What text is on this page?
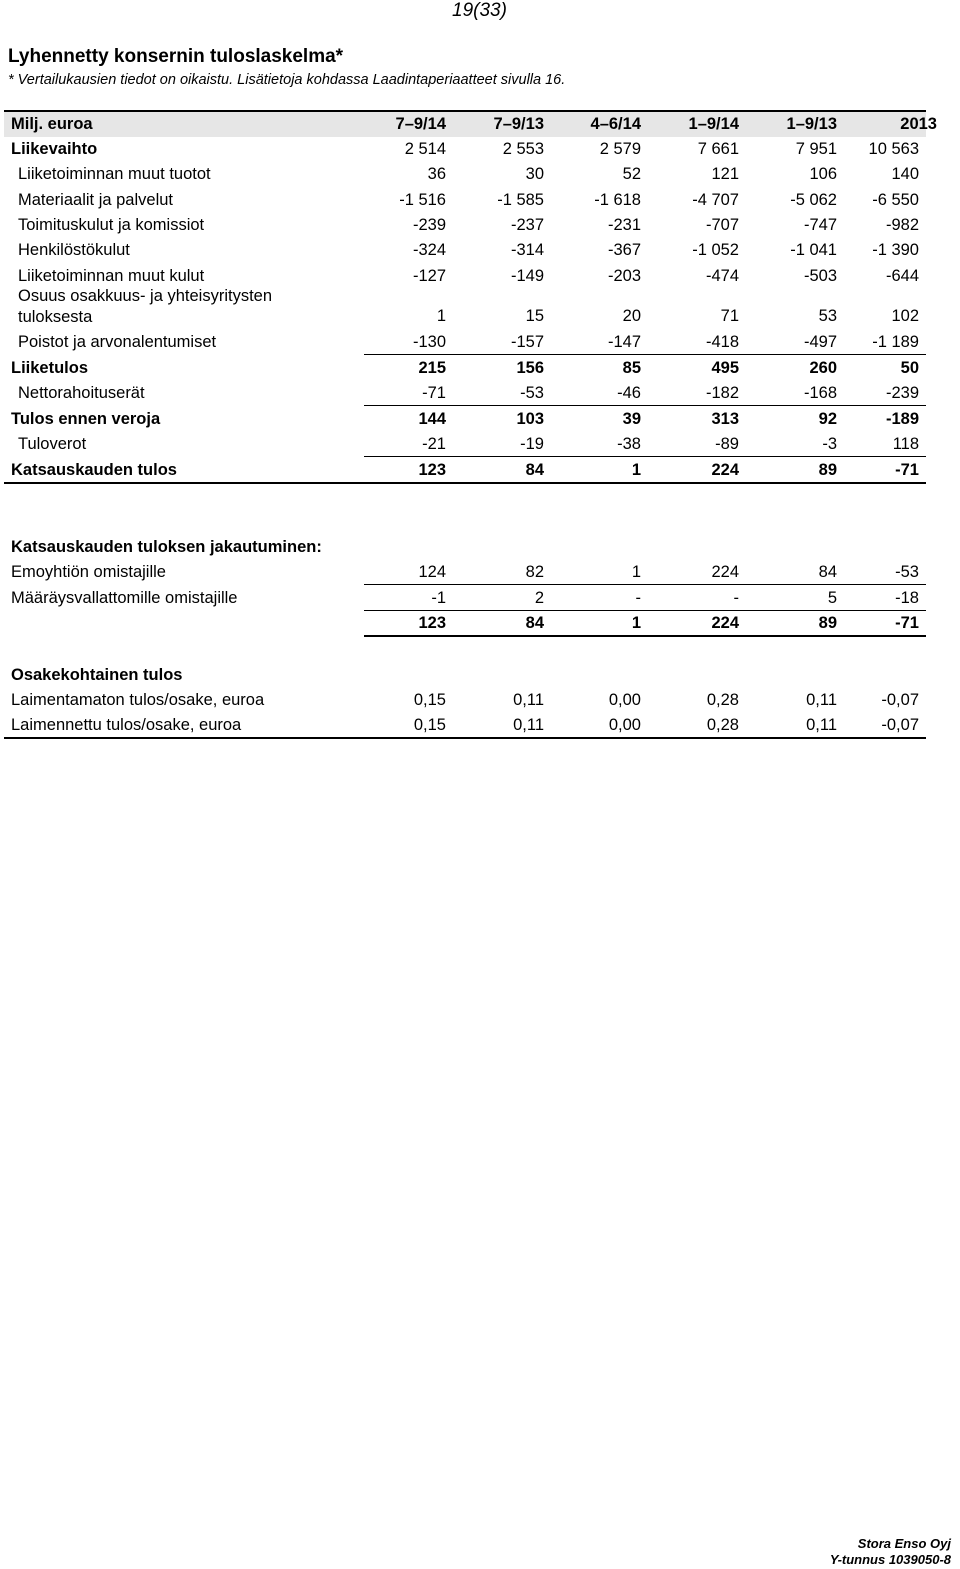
19(33)
Lyhennetty konsernin tuloslaskelma*
* Vertailukausien tiedot on oikaistu. Lisätietoja kohdassa Laadintaperiaatteet sivulla 16.
Milj. euroa	7–9/14	7–9/13	4–6/14	1–9/14	1–9/13	2013
Liikevaihto	2 514	2 553	2 579	7 661	7 951	10 563
Liiketoiminnan muut tuotot	36	30	52	121	106	140
Materiaalit ja palvelut	-1 516	-1 585	-1 618	-4 707	-5 062	-6 550
Toimituskulut ja komissiot	-239	-237	-231	-707	-747	-982
Henkilöstökulut	-324	-314	-367	-1 052	-1 041	-1 390
Liiketoiminnan muut kulut	-127	-149	-203	-474	-503	-644
Osuus osakkuus- ja yhteisyritysten
tuloksesta	1	15	20	71	53	102
Poistot ja arvonalentumiset	-130	-157	-147	-418	-497	-1 189
Liiketulos	215	156	85	495	260	50
Nettorahoituserät	-71	-53	-46	-182	-168	-239
Tulos ennen veroja	144	103	39	313	92	-189
Tuloverot	-21	-19	-38	-89	-3	118
Katsauskauden tulos	123	84	1	224	89	-71
Katsauskauden tuloksen jakautuminen:
Emoyhtiön omistajille	124	82	1	224	84	-53
Määräysvallattomille omistajille	-1	2	-	-	5	-18
123	84	1	224	89	-71
Osakekohtainen tulos
Laimentamaton tulos/osake, euroa	0,15	0,11	0,00	0,28	0,11	-0,07
Laimennettu tulos/osake, euroa	0,15	0,11	0,00	0,28	0,11	-0,07
Stora Enso Oyj
Y-tunnus 1039050-8
